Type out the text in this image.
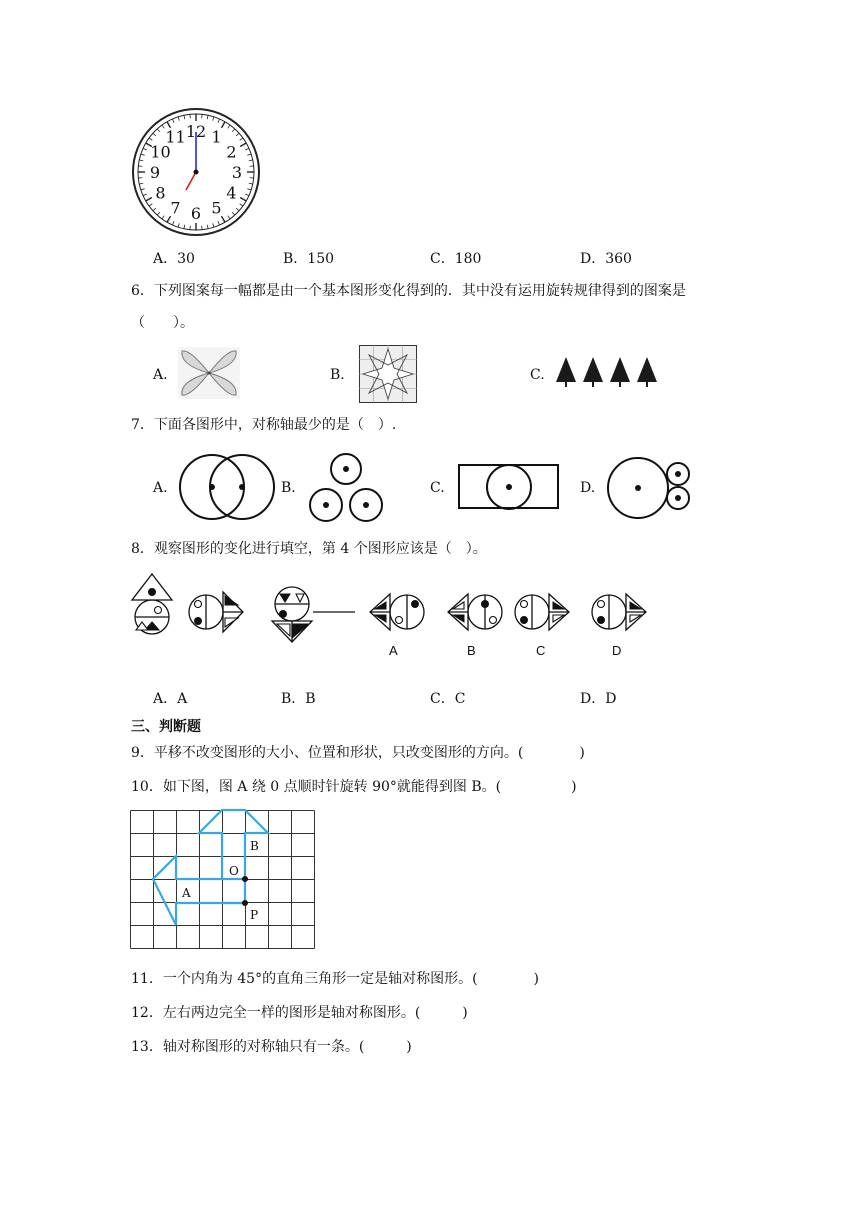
12 1
2
3
4
5
6
7
8
9
10
11
A．30	B．150	C．180	D．360
6．下列图案每一幅都是由一个基本图形变化得到的．其中没有运用旋转规律得到的图案是
（　　）。
A.	B.	C.
7．下面各图形中，对称轴最少的是（　）.
A.	B.	C.	D.
8．观察图形的变化进行填空，第 4 个图形应该是（　）。
A	B	C	D
A．A	B．B	C．C	D．D
三、判断题
9．平移不改变图形的大小、位置和形状，只改变图形的方向。(　　　　)
10．如下图，图 A 绕 0 点顺时针旋转 90°就能得到图 B。(　　　　　)
B
O
A
P
11．一个内角为 45°的直角三角形一定是轴对称图形。(　　　　)
12．左右两边完全一样的图形是轴对称图形。(　　　)
13．轴对称图形的对称轴只有一条。(　　　)
